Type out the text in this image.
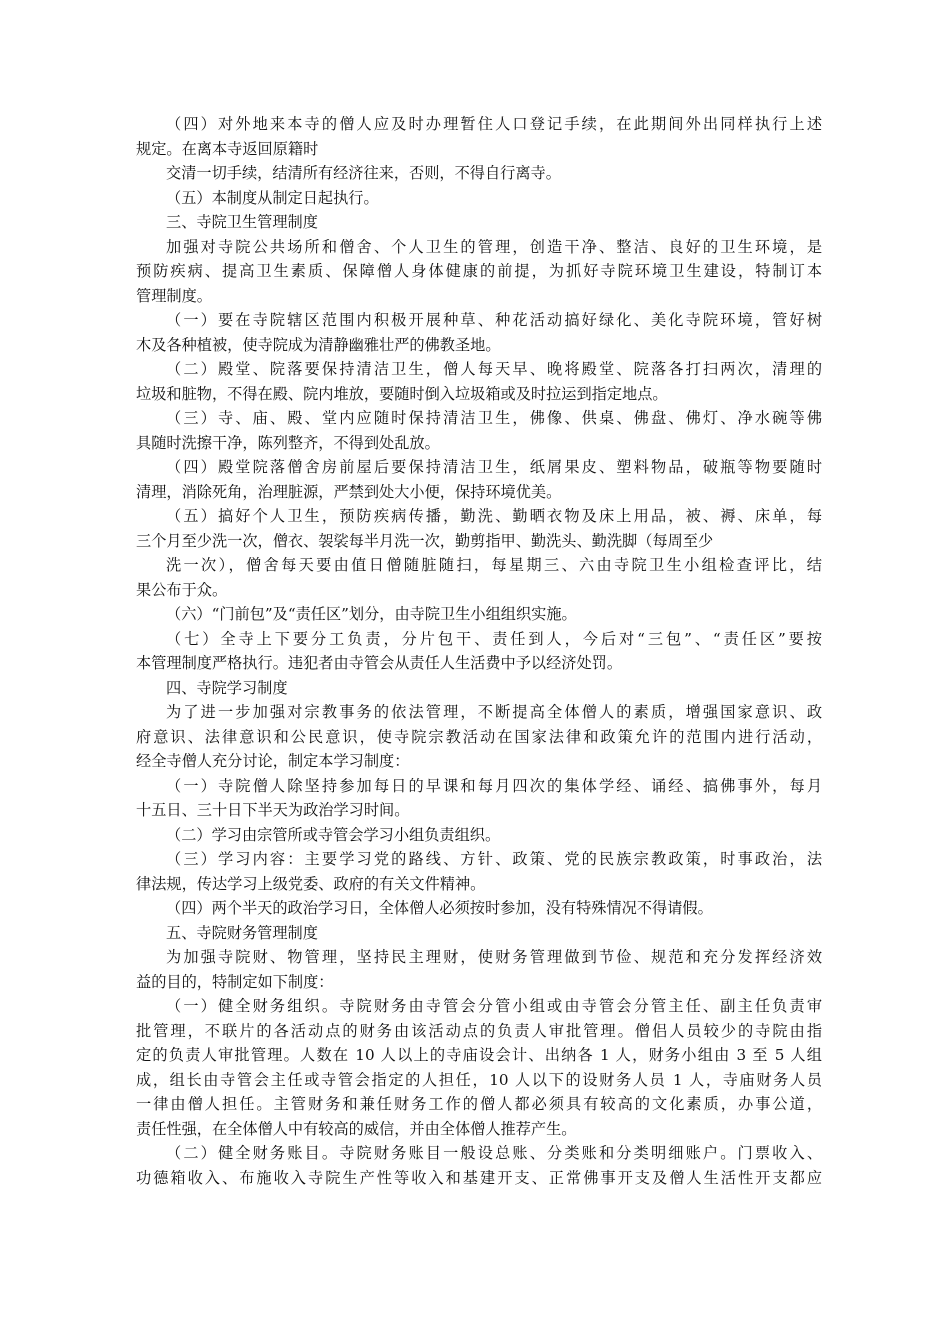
（四）对外地来本寺的僧人应及时办理暂住人口登记手续，在此期间外出同样执行上述
规定。在离本寺返回原籍时
交清一切手续，结清所有经济往来，否则，不得自行离寺。
（五）本制度从制定日起执行。
三、寺院卫生管理制度
加强对寺院公共场所和僧舍、个人卫生的管理，创造干净、整洁、良好的卫生环境，是
预防疾病、提高卫生素质、保障僧人身体健康的前提，为抓好寺院环境卫生建设，特制订本
管理制度。
（一）要在寺院辖区范围内积极开展种草、种花活动搞好绿化、美化寺院环境，管好树
木及各种植被，使寺院成为清静幽雅壮严的佛教圣地。
（二）殿堂、院落要保持清洁卫生，僧人每天早、晚将殿堂、院落各打扫两次，清理的
垃圾和脏物，不得在殿、院内堆放，要随时倒入垃圾箱或及时拉运到指定地点。
（三）寺、庙、殿、堂内应随时保持清洁卫生，佛像、供桌、佛盘、佛灯、净水碗等佛
具随时洗擦干净，陈列整齐，不得到处乱放。
（四）殿堂院落僧舍房前屋后要保持清洁卫生，纸屑果皮、塑料物品，破瓶等物要随时
清理，消除死角，治理脏源，严禁到处大小便，保持环境优美。
（五）搞好个人卫生，预防疾病传播，勤洗、勤晒衣物及床上用品，被、褥、床单，每
三个月至少洗一次，僧衣、袈裟每半月洗一次，勤剪指甲、勤洗头、勤洗脚（每周至少
洗一次），僧舍每天要由值日僧随脏随扫，每星期三、六由寺院卫生小组检查评比，结
果公布于众。
（六）“门前包”及“责任区”划分，由寺院卫生小组组织实施。
（七）全寺上下要分工负责，分片包干、责任到人，今后对“三包”、“责任区”要按
本管理制度严格执行。违犯者由寺管会从责任人生活费中予以经济处罚。
四、寺院学习制度
为了进一步加强对宗教事务的依法管理，不断提高全体僧人的素质，增强国家意识、政
府意识、法律意识和公民意识，使寺院宗教活动在国家法律和政策允许的范围内进行活动，
经全寺僧人充分讨论，制定本学习制度：
（一）寺院僧人除坚持参加每日的早课和每月四次的集体学经、诵经、搞佛事外，每月
十五日、三十日下半天为政治学习时间。
（二）学习由宗管所或寺管会学习小组负责组织。
（三）学习内容：主要学习党的路线、方针、政策、党的民族宗教政策，时事政治，法
律法规，传达学习上级党委、政府的有关文件精神。
（四）两个半天的政治学习日，全体僧人必须按时参加，没有特殊情况不得请假。
五、寺院财务管理制度
为加强寺院财、物管理，坚持民主理财，使财务管理做到节俭、规范和充分发挥经济效
益的目的，特制定如下制度：
（一）健全财务组织。寺院财务由寺管会分管小组或由寺管会分管主任、副主任负责审
批管理，不联片的各活动点的财务由该活动点的负责人审批管理。僧侣人员较少的寺院由指
定的负责人审批管理。人数在 10 人以上的寺庙设会计、出纳各 1 人，财务小组由 3 至 5 人组
成，组长由寺管会主任或寺管会指定的人担任，10 人以下的设财务人员 1 人，寺庙财务人员
一律由僧人担任。主管财务和兼任财务工作的僧人都必须具有较高的文化素质，办事公道，
责任性强，在全体僧人中有较高的威信，并由全体僧人推荐产生。
（二）健全财务账目。寺院财务账目一般设总账、分类账和分类明细账户。门票收入、
功德箱收入、布施收入寺院生产性等收入和基建开支、正常佛事开支及僧人生活性开支都应
